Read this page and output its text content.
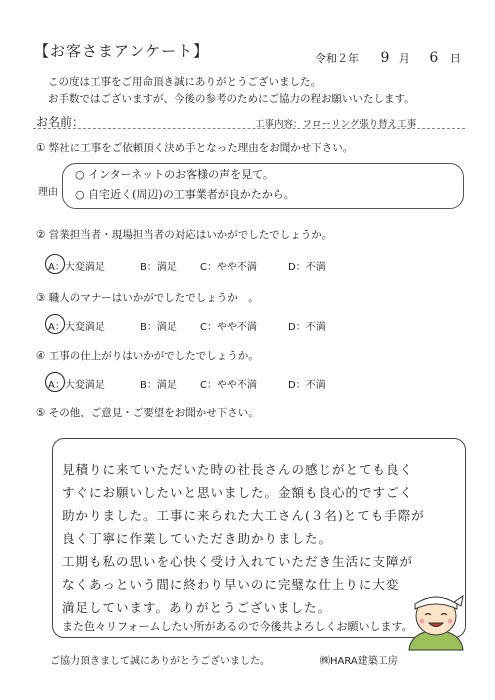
【お客さまアンケート】	令和２年 9 月 6 日
この度は工事をご用命頂き誠にありがとうございました。
お手数ではございますが、今後の参考のためにご協力の程お願いいたします。
お名前：	工事内容：フローリング張り替え工事
① 弊社に工事をご依頼頂く決め手となった理由をお聞かせ下さい。
理由
○ インターネットのお客様の声を見て。
○ 自宅近く(周辺)の工事業者が良かたから。
② 営業担当者・現場担当者の対応はいかがでしたでしょうか。
A：大変満足	B：満足 C：やや不満	D：不満
③ 職人のマナーはいかがでしたでしょうか　。
A：大変満足	B：満足 C：やや不満	D：不満
④ 工事の仕上がりはいかがでしたでしょうか。
A：大変満足	B：満足 C：やや不満	D：不満
⑤ その他、ご意見・ご要望をお聞かせ下さい。
見積りに来ていただいた時の社長さんの感じがとても良く
すぐにお願いしたいと思いました。金額も良心的ですごく
助かりました。工事に来られた大工さん(３名)とても手際が
良く丁寧に作業していただき助かりました。
工期も私の思いを心快く受け入れていただき生活に支障が
なくあっという間に終わり早いのに完璧な仕上りに大変
満足しています。ありがとうございました。
また色々リフォームしたい所があるので今後共よろしくお願いします。
ご協力頂きまして誠にありがとうございました。	㈱HARA建築工房
